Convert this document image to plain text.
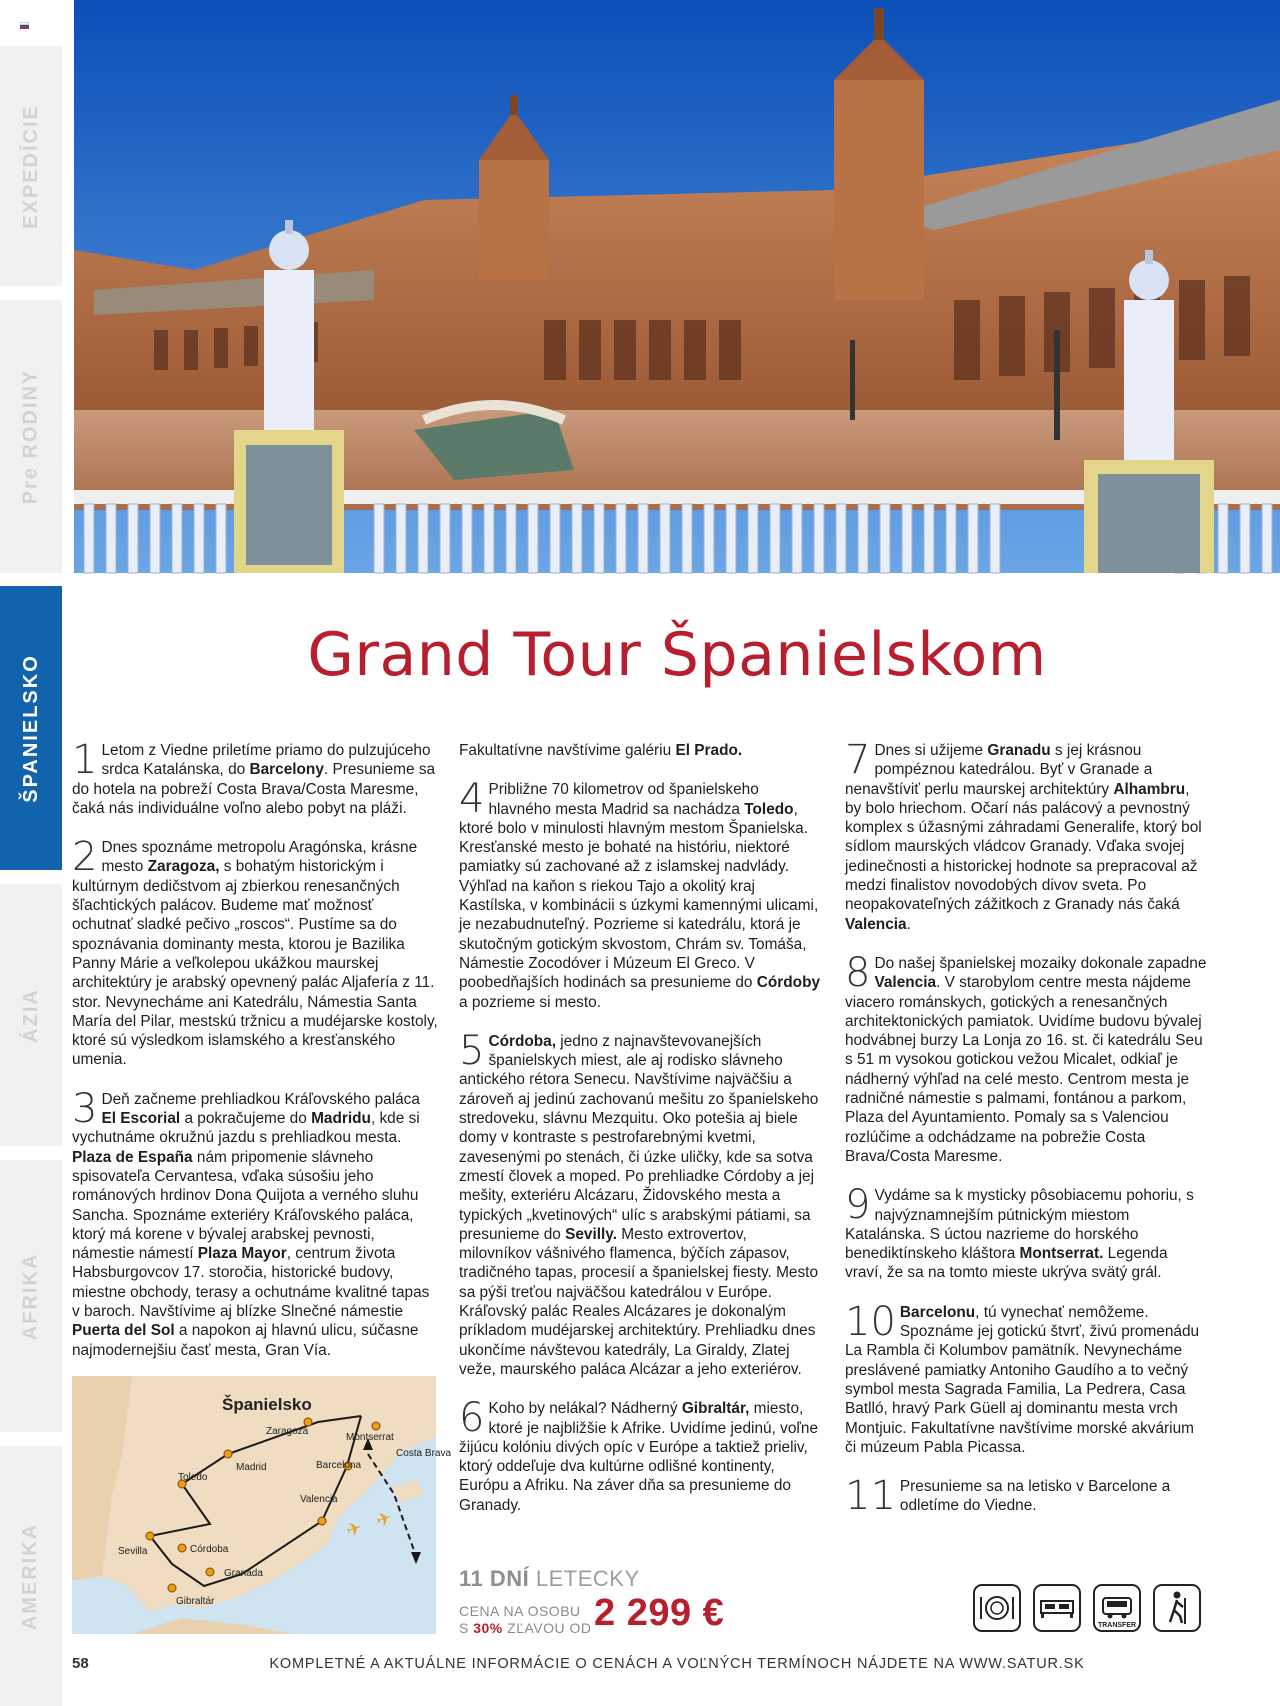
EXPEDÍCIE
Pre RODINY
ŠPANIELSKO
ÁZIA
AFRIKA
AMERIKA
Grand Tour Španielskom
1 Letom z Viedne priletíme priamo do pulzujúceho srdca Katalánska, do Barcelony. Presunieme sa do hotela na pobreží Costa Brava/Costa Maresme, čaká nás individuálne voľno alebo pobyt na pláži.
2 Dnes spoznáme metropolu Aragónska, krásne mesto Zaragoza, s bohatým historickým i kultúrnym dedičstvom aj zbierkou renesančných šľachtických palácov. Budeme mať možnosť ochutnať sladké pečivo „roscos“. Pustíme sa do spoznávania dominanty mesta, ktorou je Bazilika Panny Márie a veľkolepou ukážkou maurskej architektúry je arabský opevnený palác Aljafería z 11. stor. Nevynecháme ani Katedrálu, Námestia Santa María del Pilar, mestskú tržnicu a mudéjarske kostoly, ktoré sú výsledkom islamského a kresťanského umenia.
3 Deň začneme prehliadkou Kráľovského paláca El Escorial a pokračujeme do Madridu, kde si vychutnáme okružnú jazdu s prehliadkou mesta. Plaza de España nám pripomenie slávneho spisovateľa Cervantesa, vďaka súsošiu jeho románových hrdinov Dona Quijota a verného sluhu Sancha. Spoznáme exteriéry Kráľovského paláca, ktorý má korene v bývalej arabskej pevnosti, námestie námestí Plaza Mayor, centrum života Habsburgovcov 17. storočia, historické budovy, miestne obchody, terasy a ochutnáme kvalitné tapas v baroch. Navštívime aj blízke Slnečné námestie Puerta del Sol a napokon aj hlavnú ulicu, súčasne najmodernejšiu časť mesta, Gran Vía.
Fakultatívne navštívime galériu El Prado.
4 Približne 70 kilometrov od španielskeho hlavného mesta Madrid sa nachádza Toledo, ktoré bolo v minulosti hlavným mestom Španielska. Kresťanské mesto je bohaté na históriu, niektoré pamiatky sú zachované až z islamskej nadvlády. Výhľad na kaňon s riekou Tajo a okolitý kraj Kastílska, v kombinácii s úzkymi kamennými ulicami, je nezabudnuteľný. Pozrieme si katedrálu, ktorá je skutočným gotickým skvostom, Chrám sv. Tomáša, Námestie Zocodóver i Múzeum El Greco. V poobedňajších hodinách sa presunieme do Córdoby a pozrieme si mesto.
5 Córdoba, jedno z najnavštevovanejších španielskych miest, ale aj rodisko slávneho antického rétora Senecu. Navštívime najväčšiu a zároveň aj jedinú zachovanú mešitu zo španielskeho stredoveku, slávnu Mezquitu. Oko potešia aj biele domy v kontraste s pestrofarebnými kvetmi, zavesenými po stenách, či úzke uličky, kde sa sotva zmestí človek a moped. Po prehliadke Córdoby a jej mešity, exteriéru Alcázaru, Židovského mesta a typických „kvetinových“ ulíc s arabskými pátiami, sa presunieme do Sevilly. Mesto extrovertov, milovníkov vášnivého flamenca, býčích zápasov, tradičného tapas, procesií a španielskej fiesty. Mesto sa pýši treťou najväčšou katedrálou v Európe. Kráľovský palác Reales Alcázares je dokonalým príkladom mudéjarskej architektúry. Prehliadku dnes ukončíme návštevou katedrály, La Giraldy, Zlatej veže, maurského paláca Alcázar a jeho exteriérov.
6 Koho by nelákal? Nádherný Gibraltár, miesto, ktoré je najbližšie k Afrike. Uvidíme jedinú, voľne žijúcu kolóniu divých opíc v Európe a taktiež prieliv, ktorý oddeľuje dva kultúrne odlišné kontinenty, Európu a Afriku. Na záver dňa sa presunieme do Granady.
7 Dnes si užijeme Granadu s jej krásnou pompéznou katedrálou. Byť v Granade a nenavštíviť perlu maurskej architektúry Alhambru, by bolo hriechom. Očarí nás palácový a pevnostný komplex s úžasnými záhradami Generalife, ktorý bol sídlom maurských vládcov Granady. Vďaka svojej jedinečnosti a historickej hodnote sa prepracoval až medzi finalistov novodobých divov sveta. Po neopakovateľných zážitkoch z Granady nás čaká Valencia.
8 Do našej španielskej mozaiky dokonale zapadne Valencia. V starobylom centre mesta nájdeme viacero románskych, gotických a renesančných architektonických pamiatok. Uvidíme budovu bývalej hodvábnej burzy La Lonja zo 16. st. či katedrálu Seu s 51 m vysokou gotickou vežou Micalet, odkiaľ je nádherný výhľad na celé mesto. Centrom mesta je radničné námestie s palmami, fontánou a parkom, Plaza del Ayuntamiento. Pomaly sa s Valenciou rozlúčime a odchádzame na pobrežie Costa Brava/Costa Maresme.
9 Vydáme sa k mysticky pôsobiacemu pohoriu, s najvýznamnejším pútnickým miestom Katalánska. S úctou nazrieme do horského benediktínskeho kláštora Montserrat. Legenda vraví, že sa na tomto mieste ukrýva svätý grál.
10 Barcelonu, tú vynechať nemôžeme. Spoznáme jej gotickú štvrť, živú promenádu La Rambla či Kolumbov pamätník. Nevynecháme preslávené pamiatky Antoniho Gaudího a to večný symbol mesta Sagrada Familia, La Pedrera, Casa Batlló, hravý Park Güell aj dominantu mesta vrch Montjuic. Fakultatívne navštívime morské akvárium či múzeum Pabla Picassa.
11 Presunieme sa na letisko v Barcelone a odletíme do Viedne.
✈ ✈
Španielsko
Zaragoza
Montserrat
Costa Brava
Madrid	Barcelona
Toledo
Valencia
Sevilla	Córdoba
Granada
Gibraltár
11 DNÍ LETECKY
CENA NA OSOBU
S 30% ZĽAVOU OD 2 299 €	TRANSFER
58	KOMPLETNÉ A AKTUÁLNE INFORMÁCIE O CENÁCH A VOĽNÝCH TERMÍNOCH NÁJDETE NA WWW.SATUR.SK
